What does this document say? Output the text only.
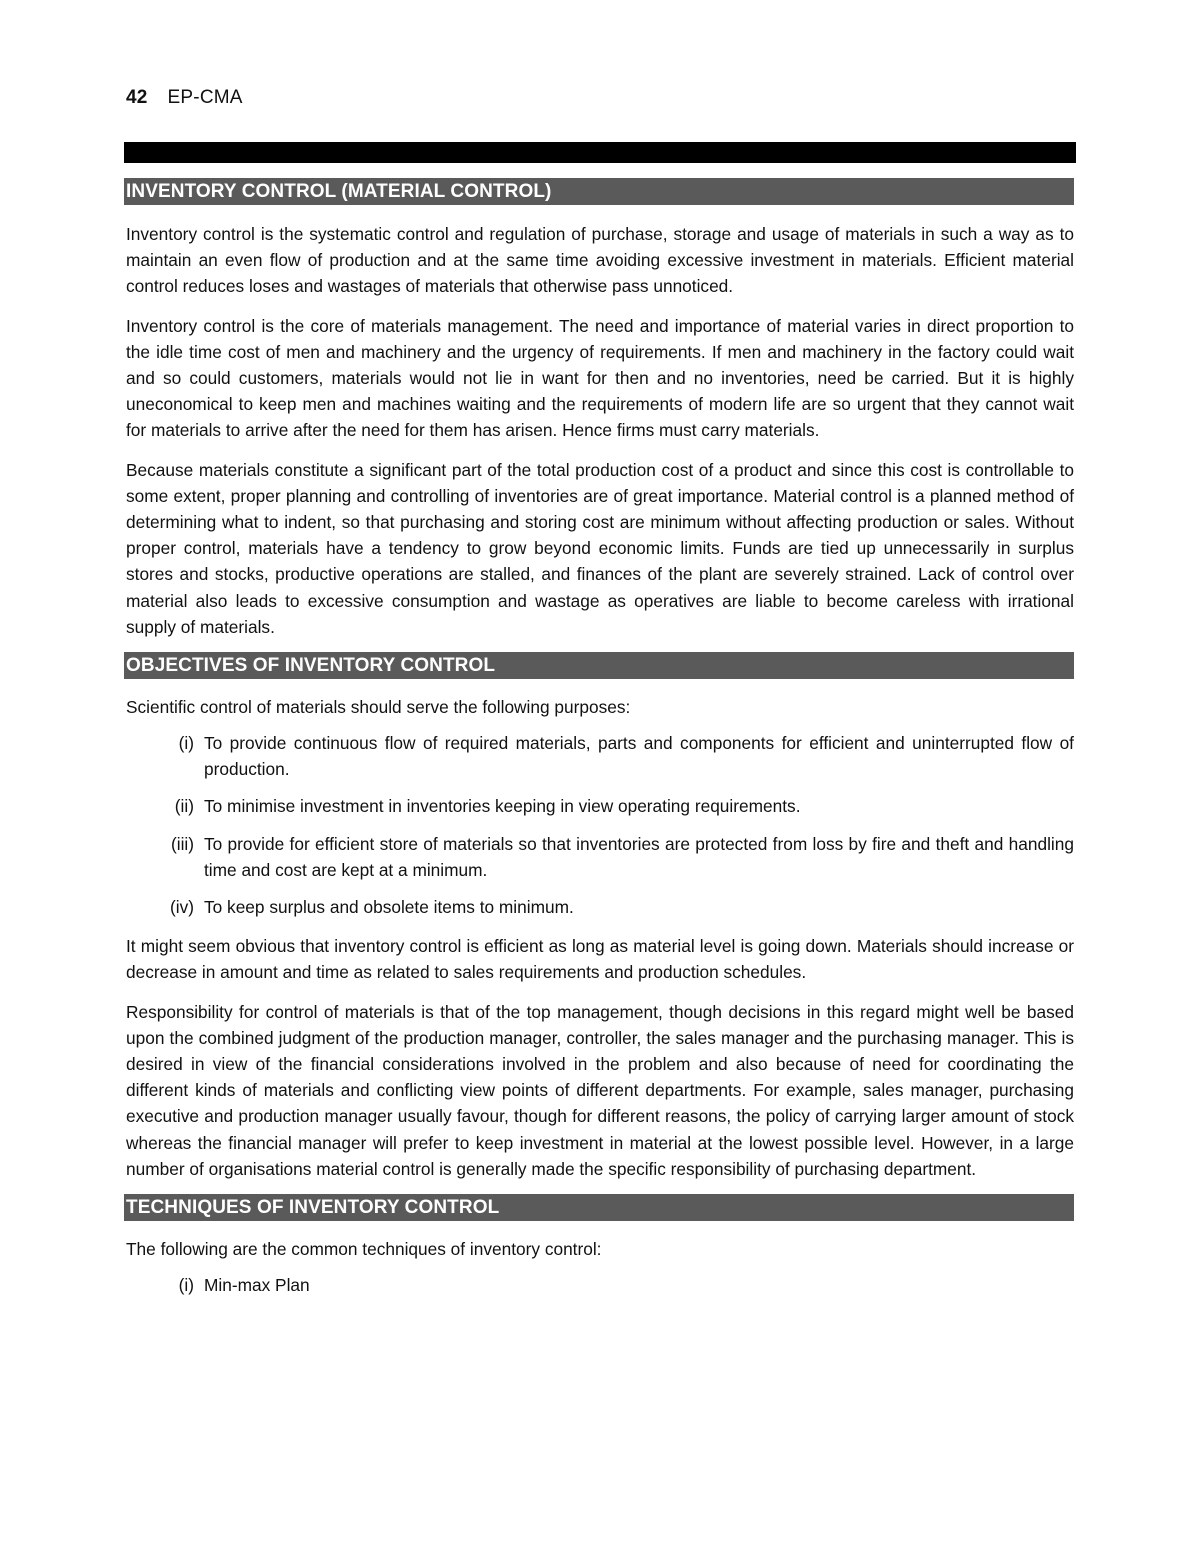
42 EP-CMA
INVENTORY CONTROL (MATERIAL CONTROL)

Inventory control is the systematic control and regulation of purchase, storage and usage of materials in such a way as to maintain an even flow of production and at the same time avoiding excessive investment in materials. Efficient material control reduces loses and wastages of materials that otherwise pass unnoticed.

Inventory control is the core of materials management. The need and importance of material varies in direct proportion to the idle time cost of men and machinery and the urgency of requirements. If men and machinery in the factory could wait and so could customers, materials would not lie in want for then and no inventories, need be carried. But it is highly uneconomical to keep men and machines waiting and the requirements of modern life are so urgent that they cannot wait for materials to arrive after the need for them has arisen. Hence firms must carry materials.

Because materials constitute a significant part of the total production cost of a product and since this cost is controllable to some extent, proper planning and controlling of inventories are of great importance. Material control is a planned method of determining what to indent, so that purchasing and storing cost are minimum without affecting production or sales. Without proper control, materials have a tendency to grow beyond economic limits. Funds are tied up unnecessarily in surplus stores and stocks, productive operations are stalled, and finances of the plant are severely strained. Lack of control over material also leads to excessive consumption and wastage as operatives are liable to become careless with irrational supply of materials.

OBJECTIVES OF INVENTORY CONTROL

Scientific control of materials should serve the following purposes:

(i) To provide continuous flow of required materials, parts and components for efficient and uninterrupted flow of production.
(ii) To minimise investment in inventories keeping in view operating requirements.
(iii) To provide for efficient store of materials so that inventories are protected from loss by fire and theft and handling time and cost are kept at a minimum.
(iv) To keep surplus and obsolete items to minimum.

It might seem obvious that inventory control is efficient as long as material level is going down. Materials should increase or decrease in amount and time as related to sales requirements and production schedules.

Responsibility for control of materials is that of the top management, though decisions in this regard might well be based upon the combined judgment of the production manager, controller, the sales manager and the purchasing manager. This is desired in view of the financial considerations involved in the problem and also because of need for coordinating the different kinds of materials and conflicting view points of different departments. For example, sales manager, purchasing executive and production manager usually favour, though for different reasons, the policy of carrying larger amount of stock whereas the financial manager will prefer to keep investment in material at the lowest possible level. However, in a large number of organisations material control is generally made the specific responsibility of purchasing department.

TECHNIQUES OF INVENTORY CONTROL

The following are the common techniques of inventory control:

(i) Min-max Plan
